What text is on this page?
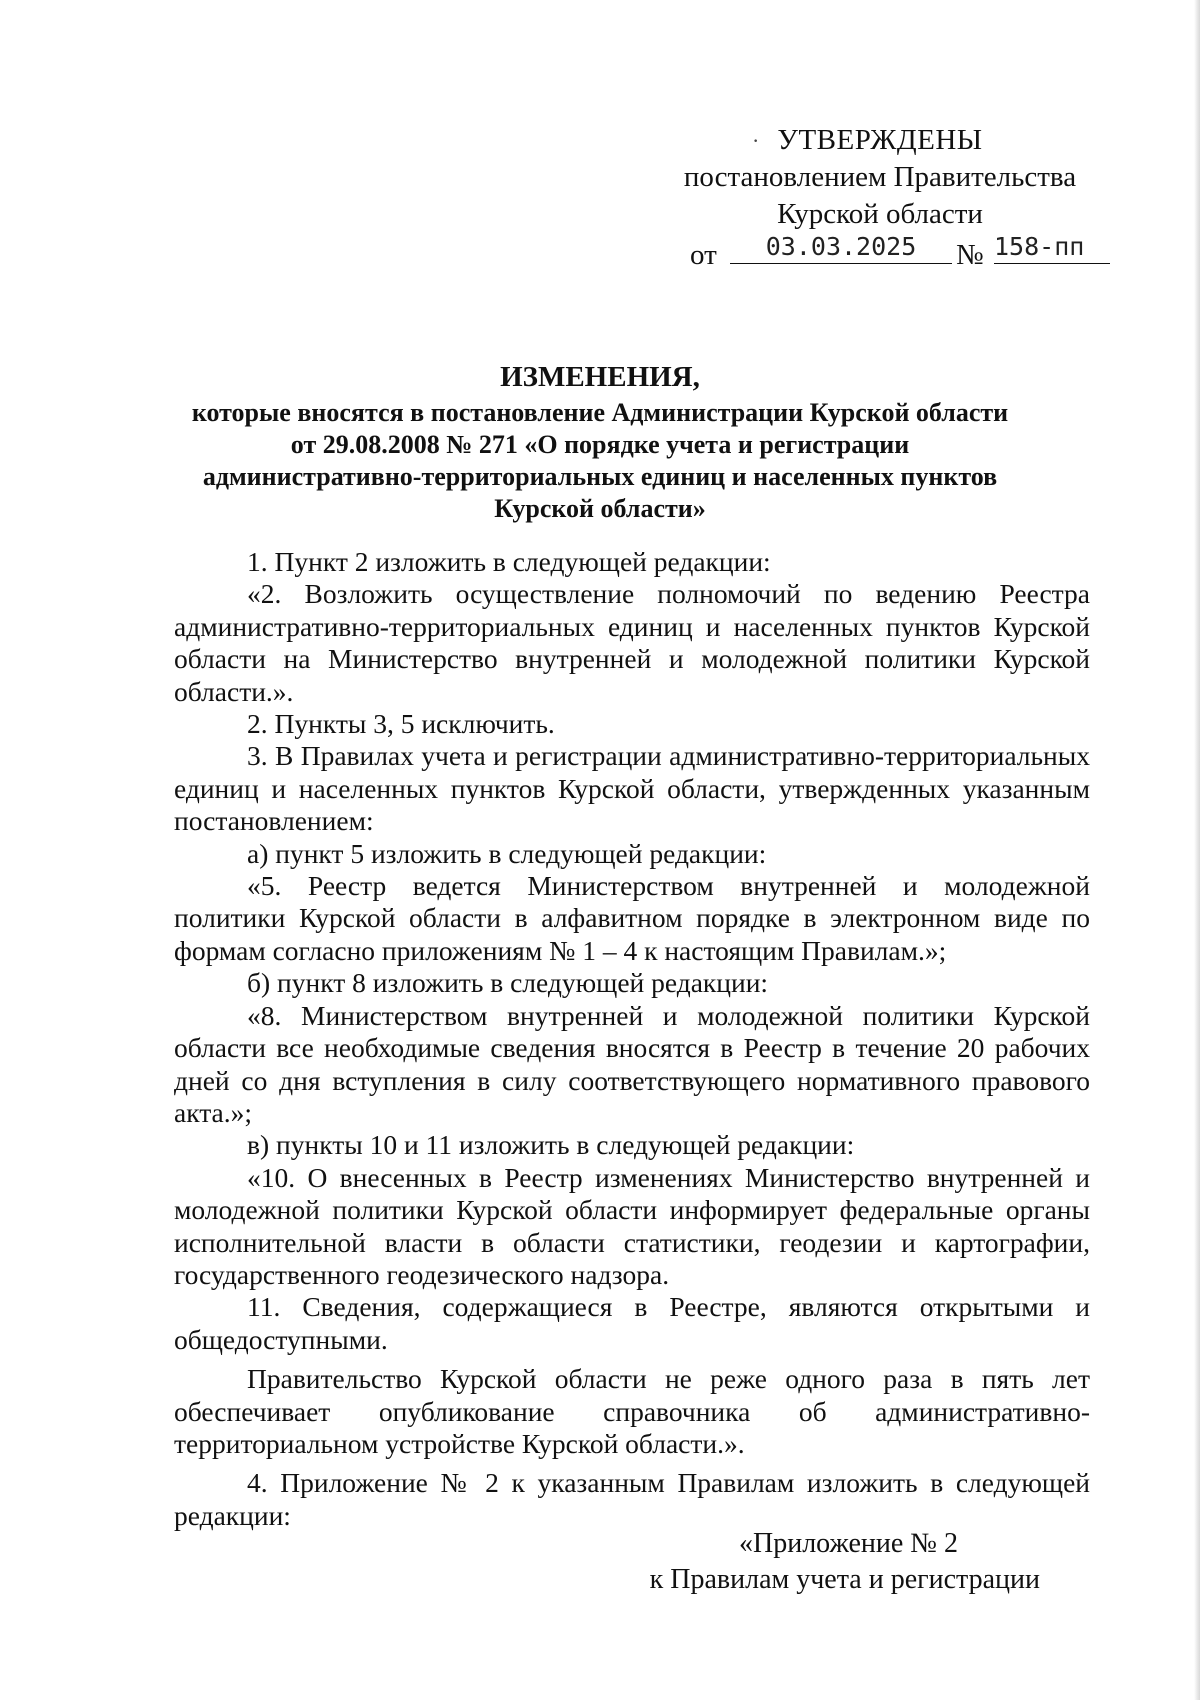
· УТВЕРЖДЕНЫ
постановлением Правительства
Курской области
от	03.03.2025	№ 158-пп
ИЗМЕНЕНИЯ,
которые вносятся в постановление Администрации Курской области
от 29.08.2008 № 271 «О порядке учета и регистрации
административно-территориальных единиц и населенных пунктов
Курской области»

1. Пункт 2 изложить в следующей редакции:

«2. Возложить осуществление полномочий по ведению Реестра административно-территориальных единиц и населенных пунктов Курской области на Министерство внутренней и молодежной политики Курской области.».

2. Пункты 3, 5 исключить.

3. В Правилах учета и регистрации административно-территориальных единиц и населенных пунктов Курской области, утвержденных указанным постановлением:

а) пункт 5 изложить в следующей редакции:

«5. Реестр ведется Министерством внутренней и молодежной политики Курской области в алфавитном порядке в электронном виде по формам согласно приложениям № 1 – 4 к настоящим Правилам.»;

б) пункт 8 изложить в следующей редакции:

«8. Министерством внутренней и молодежной политики Курской области все необходимые сведения вносятся в Реестр в течение 20 рабочих дней со дня вступления в силу соответствующего нормативного правового акта.»;

в) пункты 10 и 11 изложить в следующей редакции:

«10. О внесенных в Реестр изменениях Министерство внутренней и молодежной политики Курской области информирует федеральные органы исполнительной власти в области статистики, геодезии и картографии, государственного геодезического надзора.

11. Сведения, содержащиеся в Реестре, являются открытыми и общедоступными.

Правительство Курской области не реже одного раза в пять лет обеспечивает опубликование справочника об административно-территориальном устройстве Курской области.».

4. Приложение № 2 к указанным Правилам изложить в следующей редакции:

«Приложение № 2
к Правилам учета и регистрации
